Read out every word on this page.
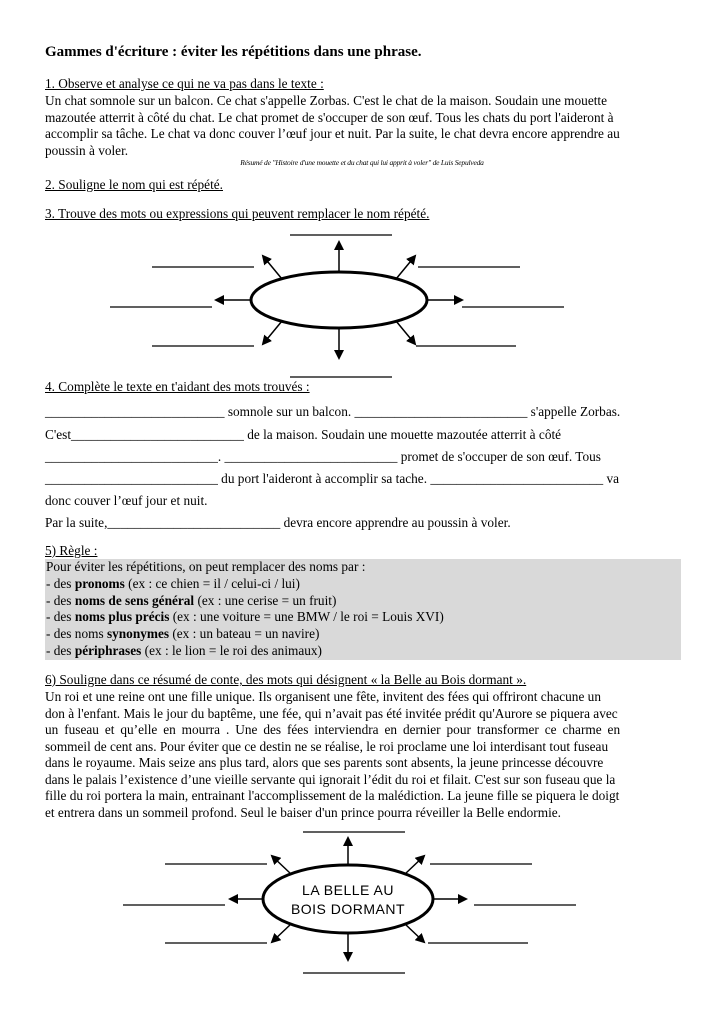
Gammes d'écriture : éviter les répétitions dans une phrase.
1. Observe et analyse ce qui ne va pas dans le texte :

Un chat somnole sur un balcon. Ce chat s'appelle Zorbas. C'est le chat de la maison. Soudain une mouette

mazoutée atterrit à côté du chat. Le chat promet de s'occuper de son œuf. Tous les chats du port l'aideront à

accomplir sa tâche. Le chat va donc couver l’œuf jour et nuit. Par la suite, le chat devra encore apprendre au

poussin à voler.

Résumé de "Histoire d'une mouette et du chat qui lui apprit à voler" de Luis Sepulveda
2. Souligne le nom qui est répété.
3. Trouve des mots ou expressions qui peuvent remplacer le nom répété.
LA BELLE AU
BOIS DORMANT
4. Complète le texte en t'aidant des mots trouvés :
___________________________ somnole sur un balcon. __________________________ s'appelle Zorbas.
C'est__________________________ de la maison. Soudain une mouette mazoutée atterrit à côté
__________________________. __________________________ promet de s'occuper de son œuf. Tous
__________________________ du port l'aideront à accomplir sa tache. __________________________ va
donc couver l’œuf jour et nuit.
Par la suite,__________________________ devra encore apprendre au poussin à voler.
5) Règle :
Pour éviter les répétitions, on peut remplacer des noms par :
- des pronoms (ex : ce chien = il / celui-ci / lui)
- des noms de sens général (ex : une cerise = un fruit)
- des noms plus précis (ex : une voiture = une BMW / le roi = Louis XVI)
- des noms synonymes (ex : un bateau = un navire)
- des périphrases (ex : le lion = le roi des animaux)
6) Souligne dans ce résumé de conte, des mots qui désignent « la Belle au Bois dormant ».

Un roi et une reine ont une fille unique. Ils organisent une fête, invitent des fées qui offriront chacune un

don à l'enfant. Mais le jour du baptême, une fée, qui n’avait pas été invitée prédit qu'Aurore se piquera avec

un fuseau et qu’elle en mourra . Une des fées interviendra en dernier pour transformer ce charme en

sommeil de cent ans. Pour éviter que ce destin ne se réalise, le roi proclame une loi interdisant tout fuseau

dans le royaume. Mais seize ans plus tard, alors que ses parents sont absents, la jeune princesse découvre

dans le palais l’existence d’une vieille servante qui ignorait l’édit du roi et filait. C'est sur son fuseau que la

fille du roi portera la main, entrainant l'accomplissement de la malédiction. La jeune fille se piquera le doigt

et entrera dans un sommeil profond. Seul le baiser d'un prince pourra réveiller la Belle endormie.
